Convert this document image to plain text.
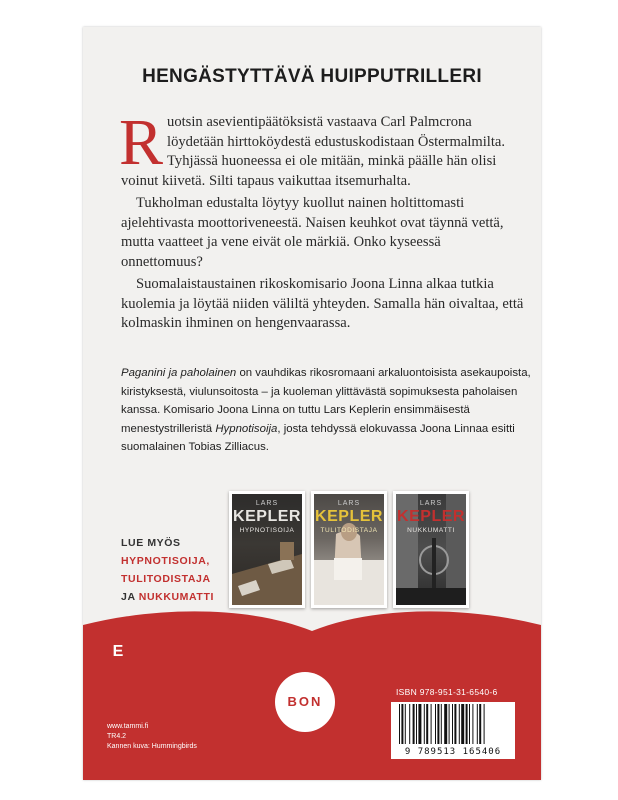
HENGÄSTYTTÄVÄ HUIPPUTRILLERI

Ruotsin asevientipäätöksistä vastaava Carl Palmcrona löydetään hirttoköydestä edustuskodistaan Östermalmilta. Tyhjässä huoneessa ei ole mitään, minkä päälle hän olisi voinut kiivetä. Silti tapaus vaikuttaa itsemurhalta.

Tukholman edustalta löytyy kuollut nainen holtittomasti ajelehtivasta moottoriveneestä. Naisen keuhkot ovat täynnä vettä, mutta vaatteet ja vene eivät ole märkiä. Onko kyseessä onnettomuus?

Suomalaistaustainen rikoskomisario Joona Linna alkaa tutkia kuolemia ja löytää niiden väliltä yhteyden. Samalla hän oivaltaa, että kolmaskin ihminen on hengenvaarassa.

Paganini ja paholainen on vauhdikas rikosromaani arkaluontoisista asekaupoista, kiristyksestä, viulunsoitosta – ja kuoleman ylittävästä sopimuksesta paholaisen kanssa. Komisario Joona Linna on tuttu Lars Keplerin ensimmäisestä menestystrilleristä Hypnotisoija, josta tehdyssä elokuvassa Joona Linnaa esitti suomalainen Tobias Zilliacus.
LUE MYÖS
HYPNOTISOIJA,
TULITODISTAJA
JA NUKKUMATTI
LARS
KEPLER
HYPNOTISOIJA
LARS
KEPLER
TULITODISTAJA
LARS
KEPLER
NUKKUMATTI
E
BON
ISBN 978-951-31-6540-6
9 789513 165406
www.tammi.fi
TR4.2
Kannen kuva: Hummingbirds
